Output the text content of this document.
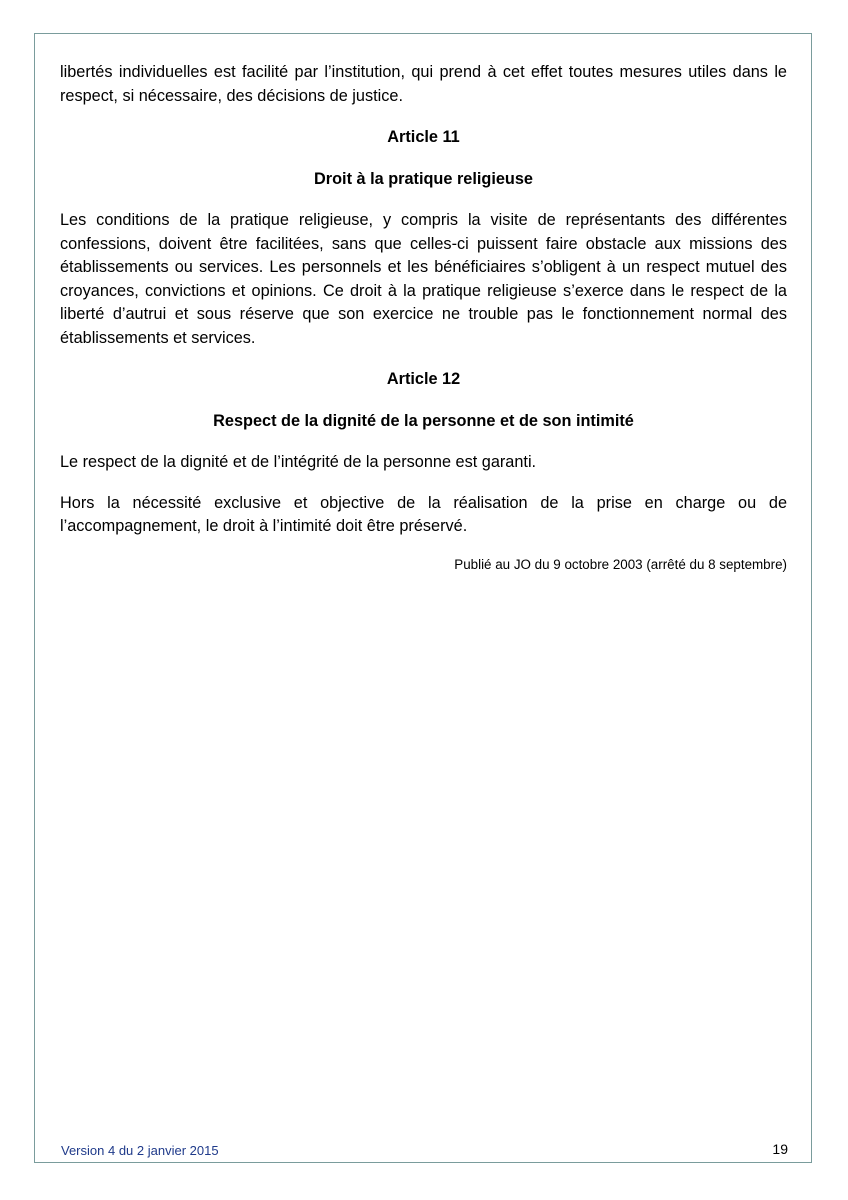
libertés individuelles est facilité par l’institution, qui prend à cet effet toutes mesures utiles dans le respect, si nécessaire, des décisions de justice.

Article 11

Droit à la pratique religieuse

Les conditions de la pratique religieuse, y compris la visite de représentants des différentes confessions, doivent être facilitées, sans que celles-ci puissent faire obstacle aux missions des établissements ou services. Les personnels et les bénéficiaires s’obligent à un respect mutuel des croyances, convictions et opinions. Ce droit à la pratique religieuse s’exerce dans le respect de la liberté d’autrui et sous réserve que son exercice ne trouble pas le fonctionnement normal des établissements et services.

Article 12

Respect de la dignité de la personne et de son intimité

Le respect de la dignité et de l’intégrité de la personne est garanti.

Hors la nécessité exclusive et objective de la réalisation de la prise en charge ou de l’accompagnement, le droit à l’intimité doit être préservé.

Publié au JO du 9 octobre 2003 (arrêté du 8 septembre)

Version 4 du 2 janvier 2015	19
